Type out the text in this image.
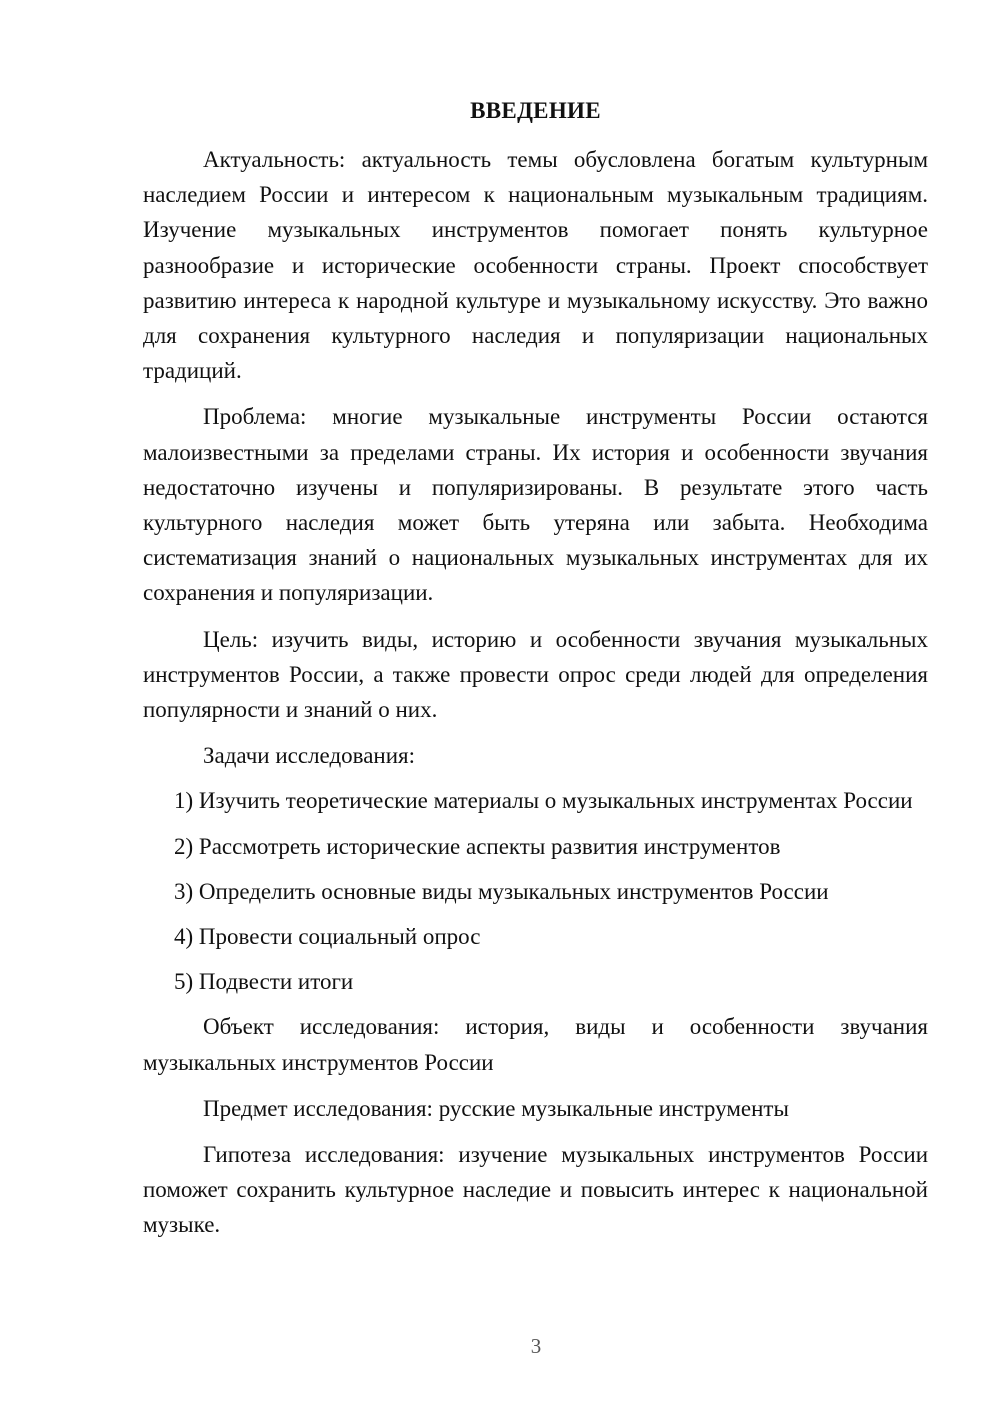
ВВЕДЕНИЕ

Актуальность: актуальность темы обусловлена богатым культурным наследием России и интересом к национальным музыкальным традициям. Изучение музыкальных инструментов помогает понять культурное разнообразие и исторические особенности страны. Проект способствует развитию интереса к народной культуре и музыкальному искусству. Это важно для сохранения культурного наследия и популяризации национальных традиций.

Проблема: многие музыкальные инструменты России остаются малоизвестными за пределами страны. Их история и особенности звучания недостаточно изучены и популяризированы. В результате этого часть культурного наследия может быть утеряна или забыта. Необходима систематизация знаний о национальных музыкальных инструментах для их сохранения и популяризации.

Цель: изучить виды, историю и особенности звучания музыкальных инструментов России, а также провести опрос среди людей для определения популярности и знаний о них.

Задачи исследования:

1) Изучить теоретические материалы о музыкальных инструментах России

2) Рассмотреть исторические аспекты развития инструментов

3) Определить основные виды музыкальных инструментов России

4) Провести социальный опрос

5) Подвести итоги

Объект исследования: история, виды и особенности звучания музыкальных инструментов России

Предмет исследования: русские музыкальные инструменты

Гипотеза исследования: изучение музыкальных инструментов России поможет сохранить культурное наследие и повысить интерес к национальной музыке.

3
